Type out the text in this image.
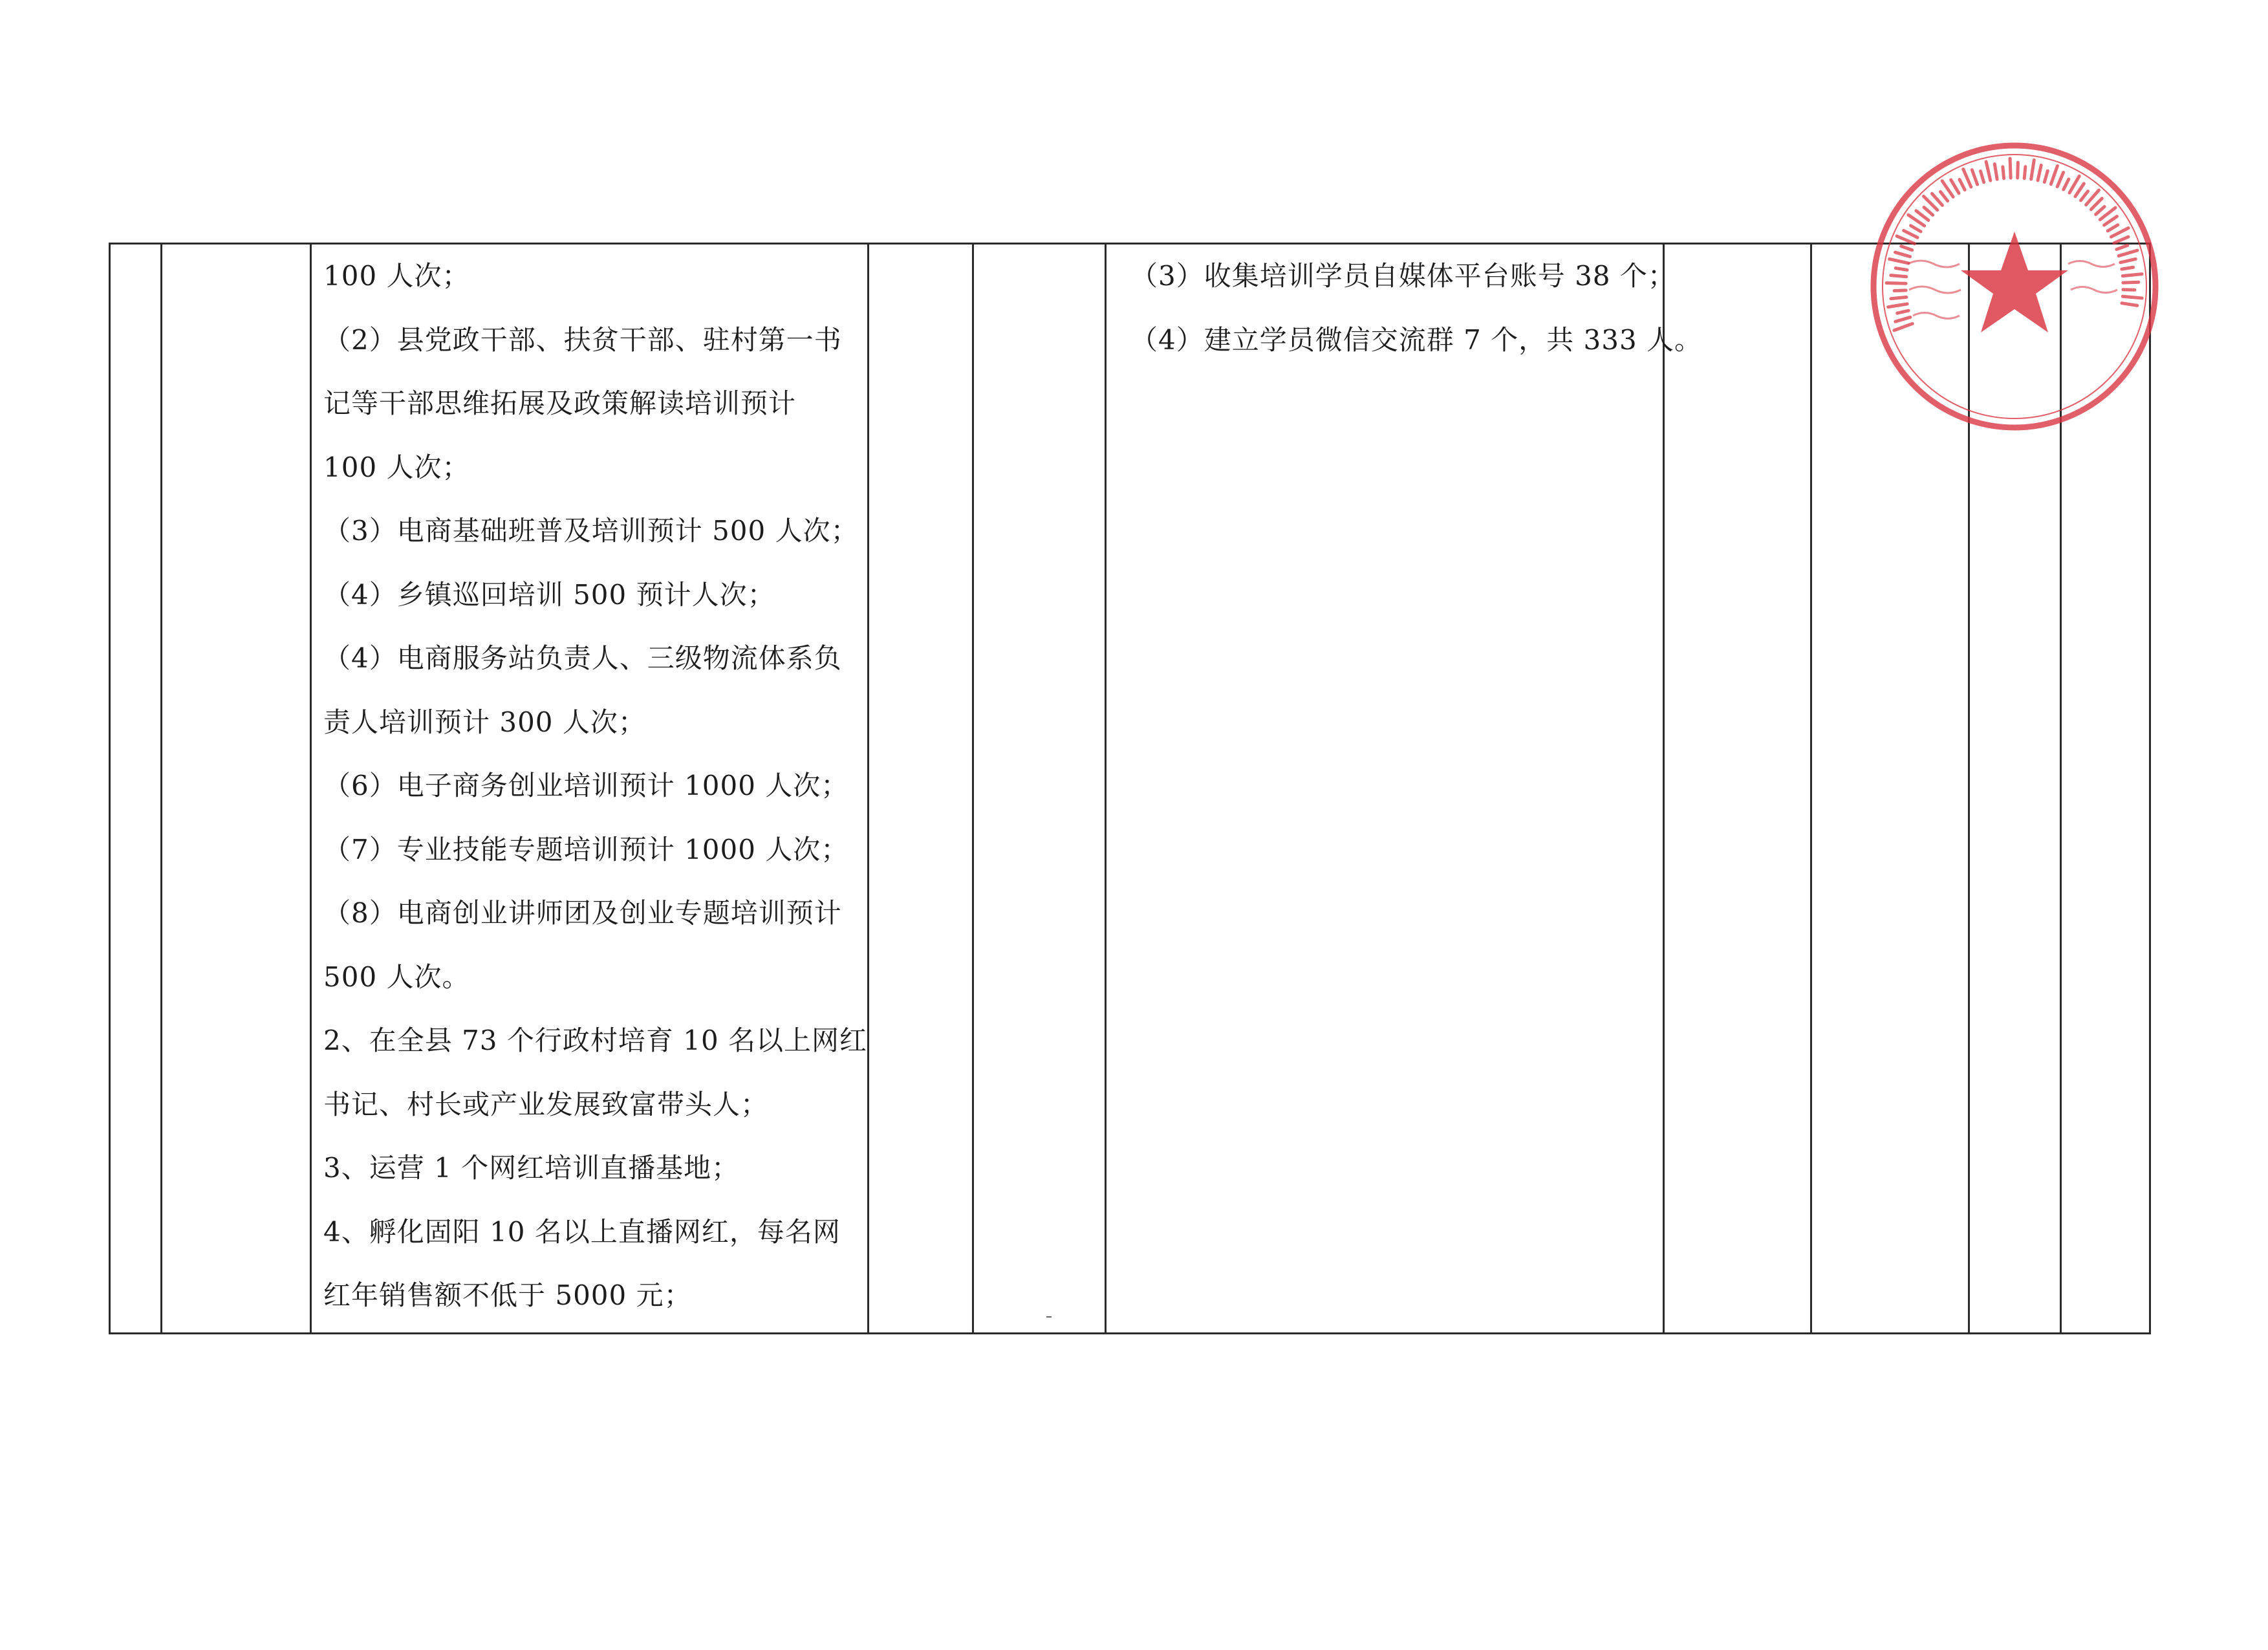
100 人次；
（2）县党政干部、扶贫干部、驻村第一书
记等干部思维拓展及政策解读培训预计
100 人次；
（3）电商基础班普及培训预计 500 人次；
（4）乡镇巡回培训 500 预计人次；
（4）电商服务站负责人、三级物流体系负
责人培训预计 300 人次；
（6）电子商务创业培训预计 1000 人次；
（7）专业技能专题培训预计 1000 人次；
（8）电商创业讲师团及创业专题培训预计
500 人次。
2、在全县 73 个行政村培育 10 名以上网红
书记、村长或产业发展致富带头人；
3、运营 1 个网红培训直播基地；
4、孵化固阳 10 名以上直播网红，每名网
红年销售额不低于 5000 元；
（3）收集培训学员自媒体平台账号 38 个；
（4）建立学员微信交流群 7 个，共 333 人。
